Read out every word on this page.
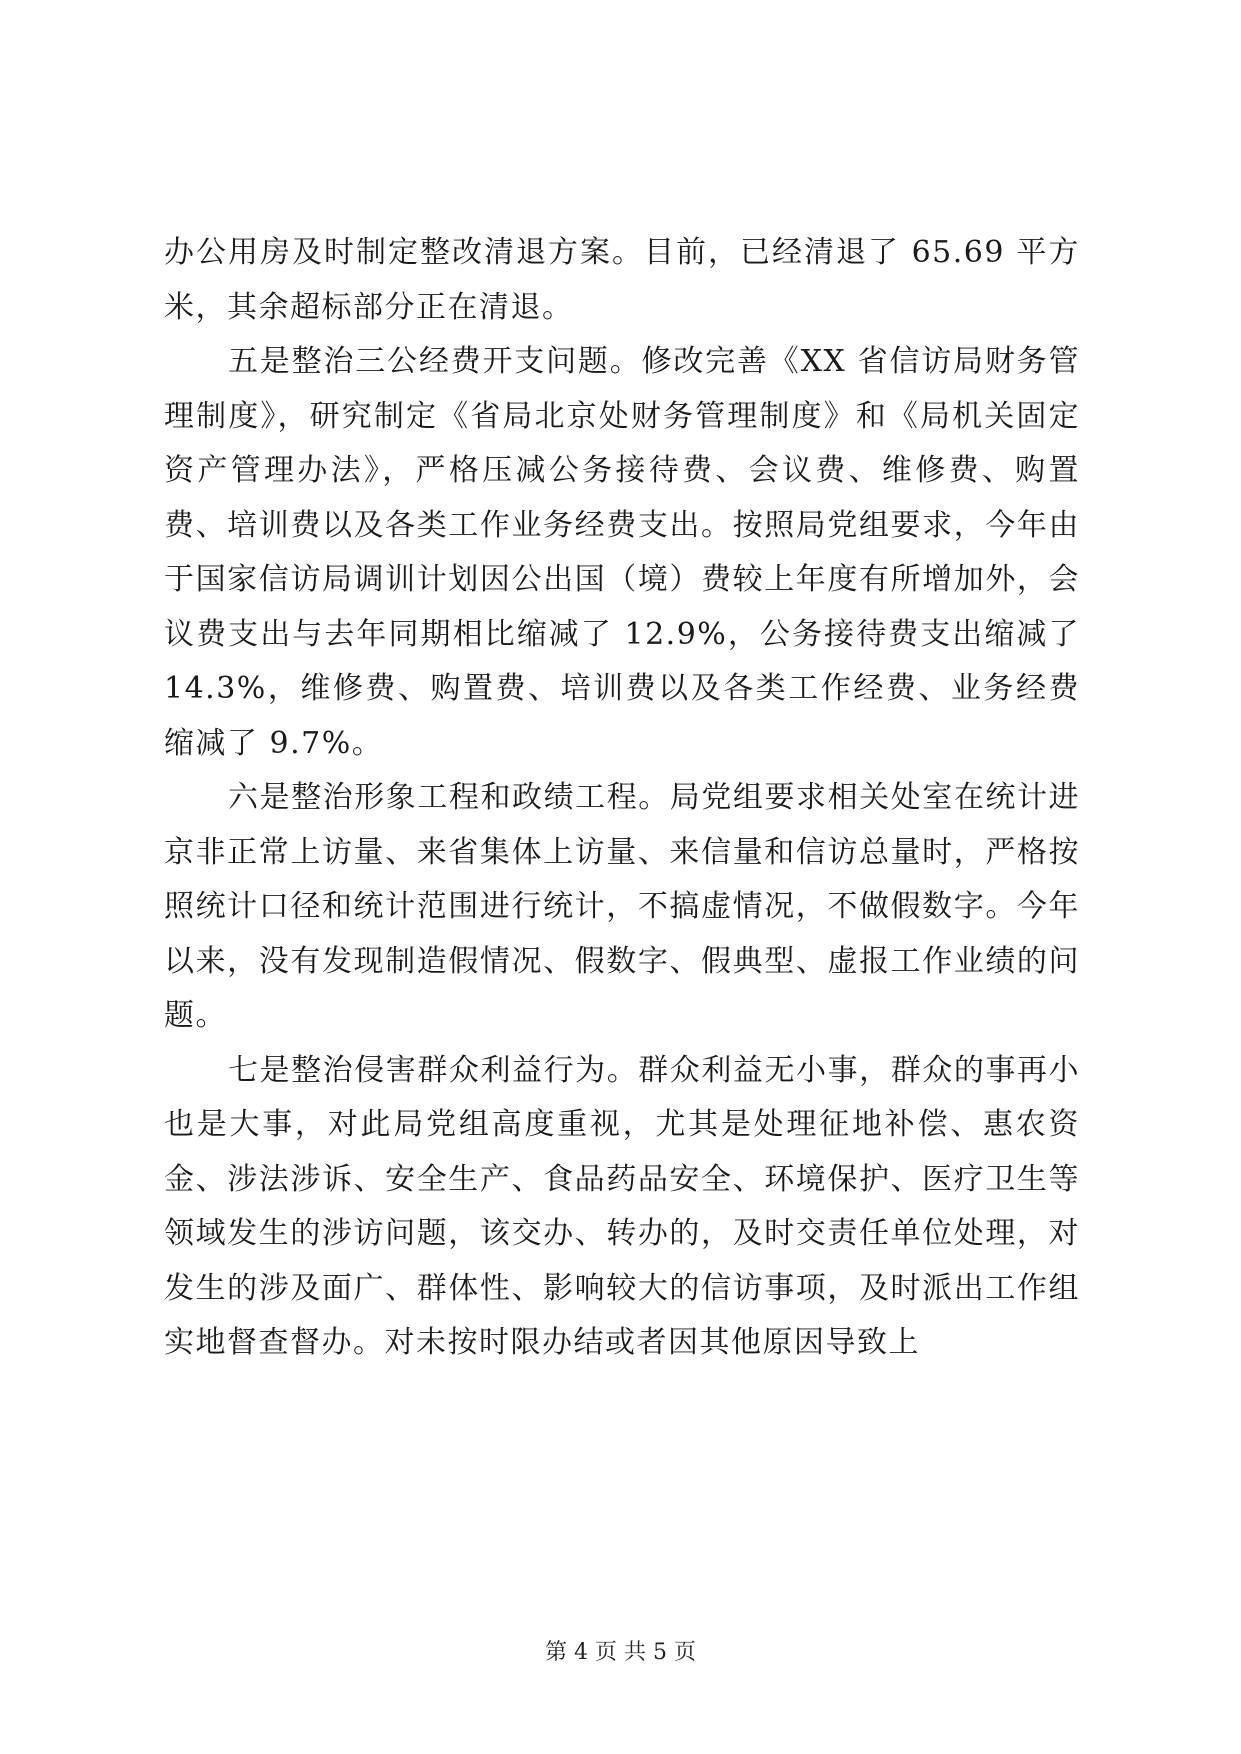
办公用房及时制定整改清退方案。目前，已经清退了 65.69 平方米，其余超标部分正在清退。

五是整治三公经费开支问题。修改完善《XX 省信访局财务管理制度》，研究制定《省局北京处财务管理制度》和《局机关固定资产管理办法》，严格压减公务接待费、会议费、维修费、购置费、培训费以及各类工作业务经费支出。按照局党组要求，今年由于国家信访局调训计划因公出国（境）费较上年度有所增加外，会议费支出与去年同期相比缩减了 12.9%，公务接待费支出缩减了 14.3%，维修费、购置费、培训费以及各类工作经费、业务经费缩减了 9.7%。

六是整治形象工程和政绩工程。局党组要求相关处室在统计进京非正常上访量、来省集体上访量、来信量和信访总量时，严格按照统计口径和统计范围进行统计，不搞虚情况，不做假数字。今年以来，没有发现制造假情况、假数字、假典型、虚报工作业绩的问题。

七是整治侵害群众利益行为。群众利益无小事，群众的事再小也是大事，对此局党组高度重视，尤其是处理征地补偿、惠农资金、涉法涉诉、安全生产、食品药品安全、环境保护、医疗卫生等领域发生的涉访问题，该交办、转办的，及时交责任单位处理，对发生的涉及面广、群体性、影响较大的信访事项，及时派出工作组实地督查督办。对未按时限办结或者因其他原因导致上

第 4 页 共 5 页
